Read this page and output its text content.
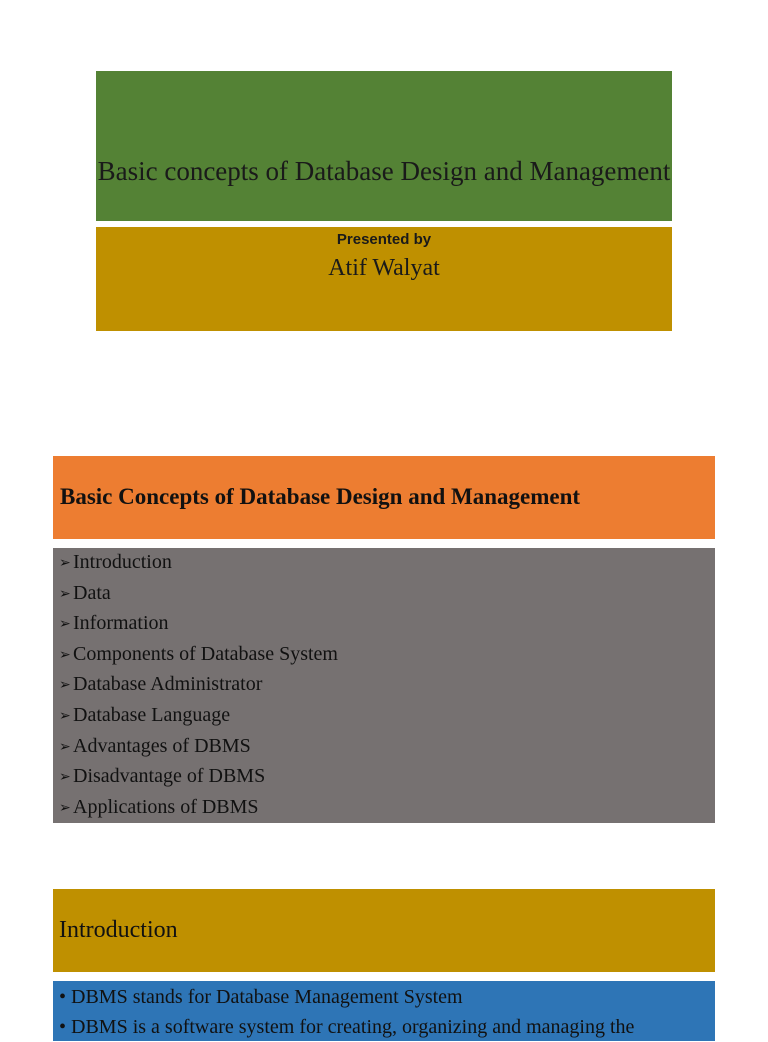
Basic concepts of Database Design and Management
Presented by
Atif Walyat
Basic Concepts of Database Design and Management
➢ Introduction
➢ Data
➢ Information
➢ Components of Database System
➢ Database Administrator
➢ Database Language
➢ Advantages of DBMS
➢ Disadvantage of DBMS
➢ Applications of DBMS
Introduction
• DBMS stands for Database Management System
• DBMS is a software system for creating, organizing and managing the
